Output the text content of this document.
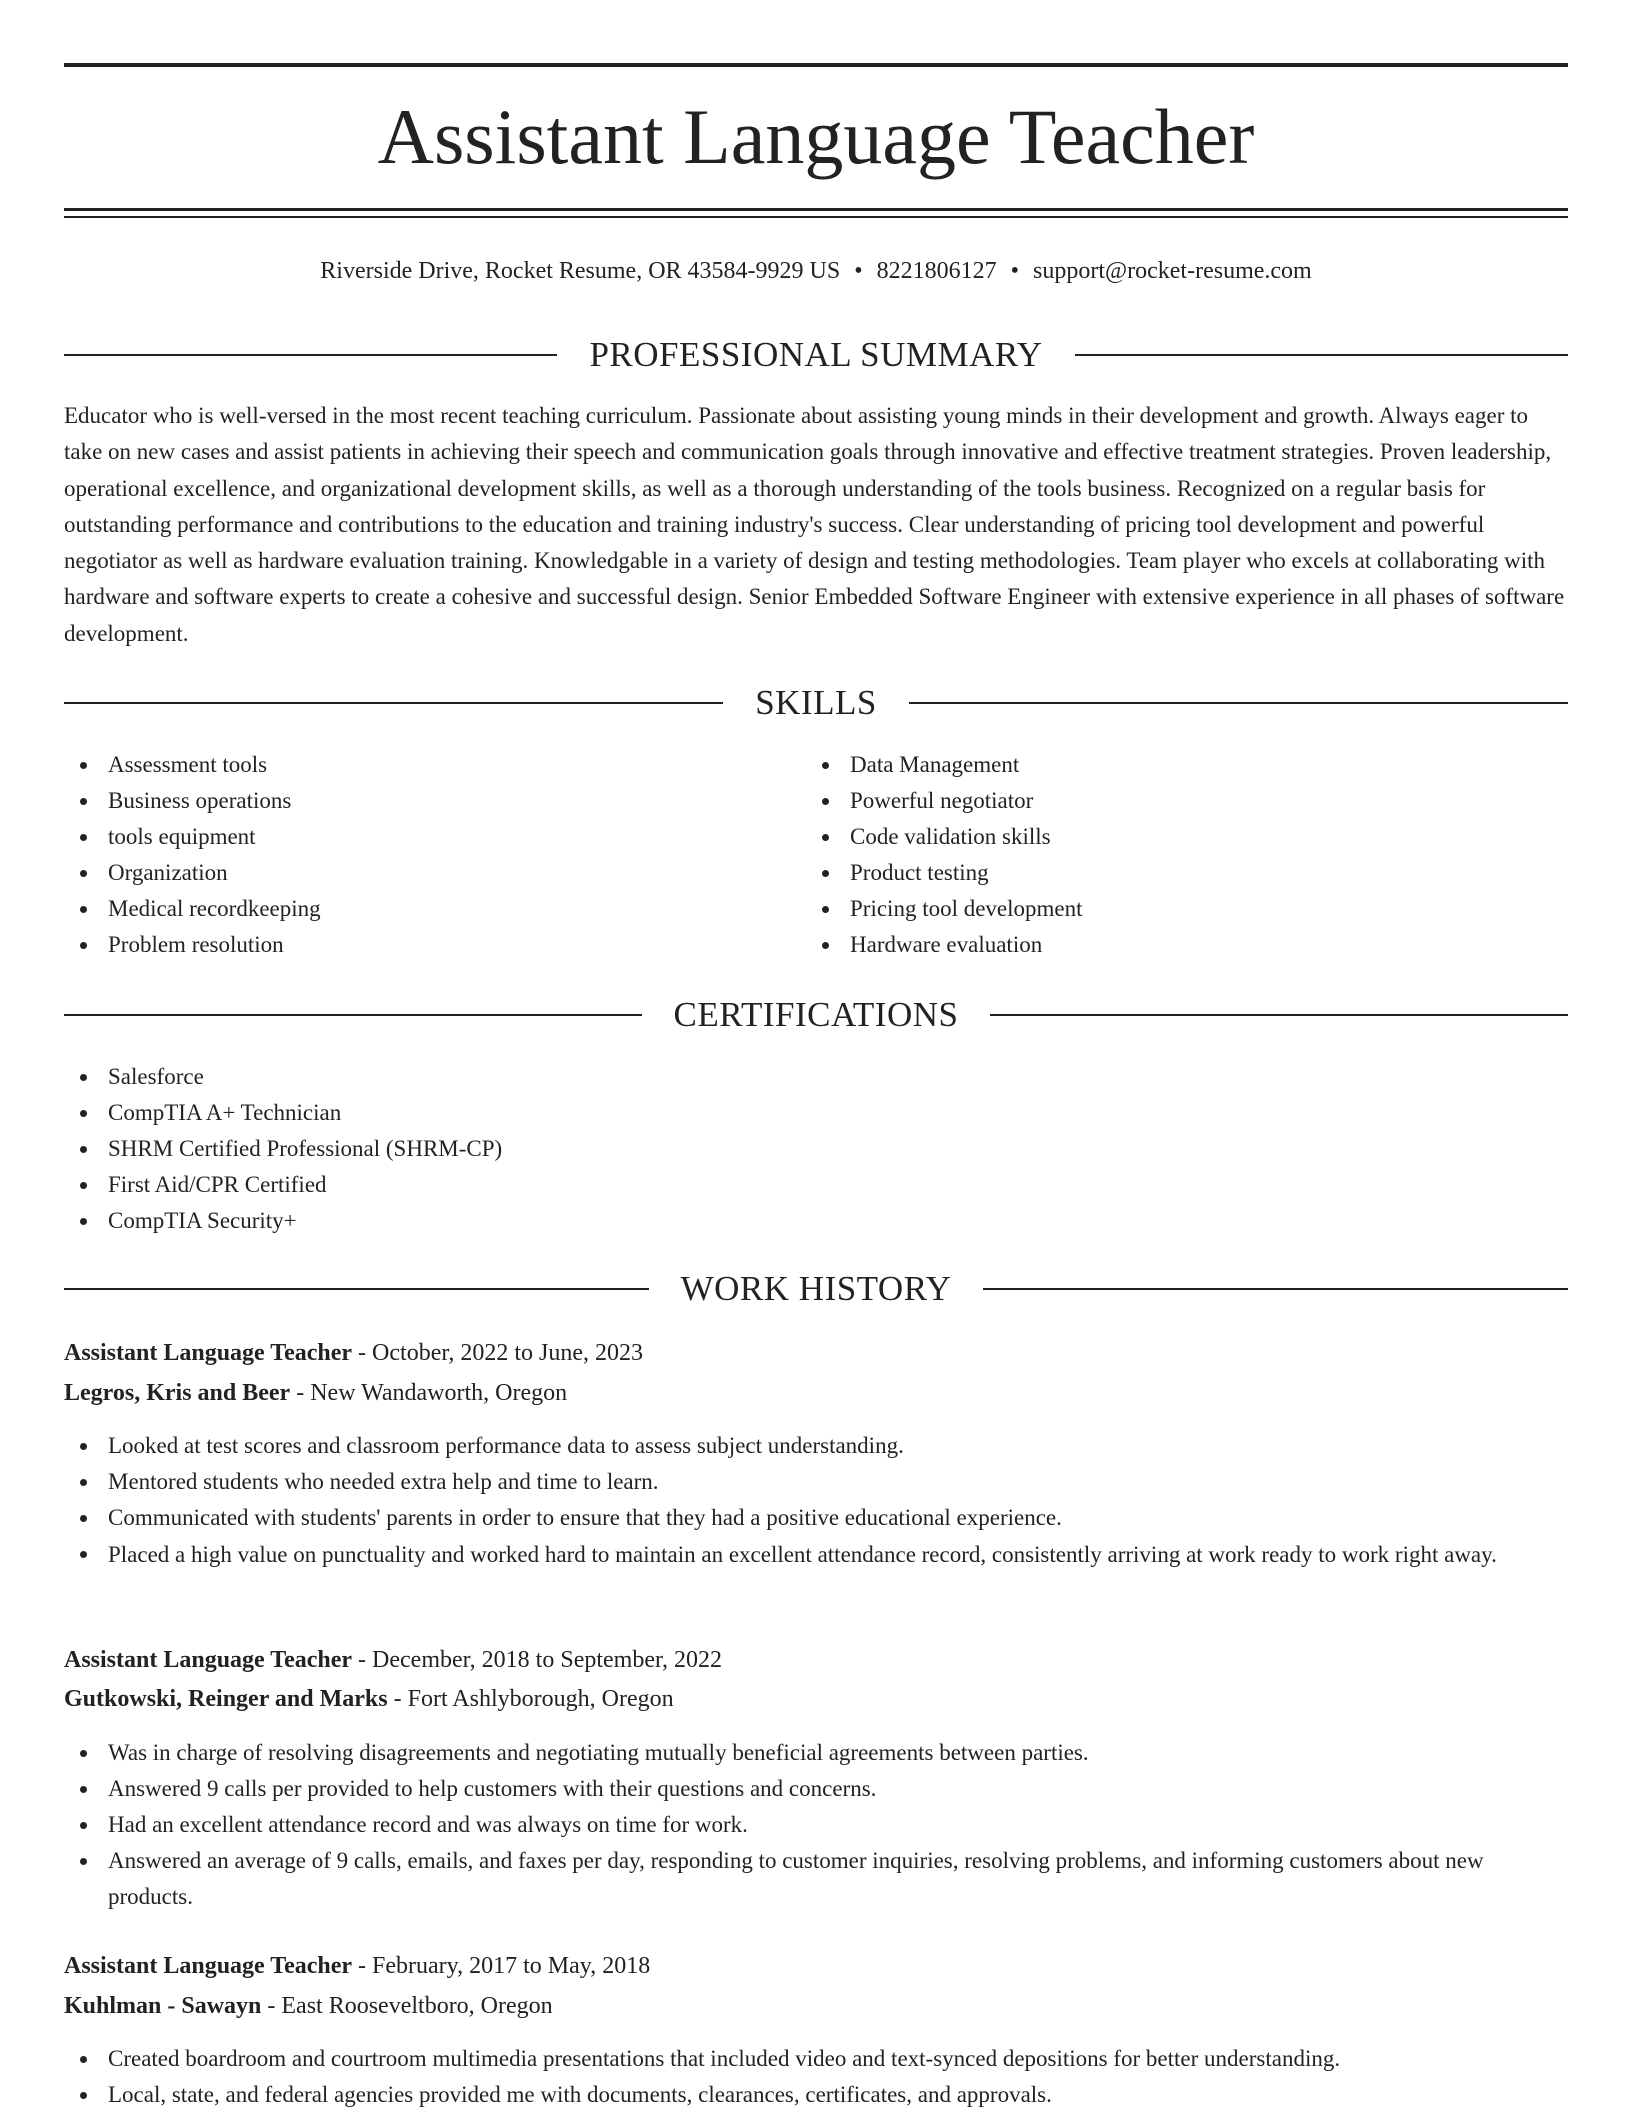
Assistant Language Teacher
Riverside Drive, Rocket Resume, OR 43584-9929 US • 8221806127 • support@rocket-resume.com
PROFESSIONAL SUMMARY

Educator who is well-versed in the most recent teaching curriculum. Passionate about assisting young minds in their development and growth. Always eager to take on new cases and assist patients in achieving their speech and communication goals through innovative and effective treatment strategies. Proven leadership, operational excellence, and organizational development skills, as well as a thorough understanding of the tools business. Recognized on a regular basis for outstanding performance and contributions to the education and training industry's success. Clear understanding of pricing tool development and powerful negotiator as well as hardware evaluation training. Knowledgable in a variety of design and testing methodologies. Team player who excels at collaborating with hardware and software experts to create a cohesive and successful design. Senior Embedded Software Engineer with extensive experience in all phases of software development.

SKILLS
Assessment tools
Business operations
tools equipment
Organization
Medical recordkeeping
Problem resolution
Data Management
Powerful negotiator
Code validation skills
Product testing
Pricing tool development
Hardware evaluation
CERTIFICATIONS
Salesforce
CompTIA A+ Technician
SHRM Certified Professional (SHRM-CP)
First Aid/CPR Certified
CompTIA Security+
WORK HISTORY
Assistant Language Teacher - October, 2022 to June, 2023
Legros, Kris and Beer - New Wandaworth, Oregon
Looked at test scores and classroom performance data to assess subject understanding.
Mentored students who needed extra help and time to learn.
Communicated with students' parents in order to ensure that they had a positive educational experience.
Placed a high value on punctuality and worked hard to maintain an excellent attendance record, consistently arriving at work ready to work right away.
Assistant Language Teacher - December, 2018 to September, 2022
Gutkowski, Reinger and Marks - Fort Ashlyborough, Oregon
Was in charge of resolving disagreements and negotiating mutually beneficial agreements between parties.
Answered 9 calls per provided to help customers with their questions and concerns.
Had an excellent attendance record and was always on time for work.
Answered an average of 9 calls, emails, and faxes per day, responding to customer inquiries, resolving problems, and informing customers about new products.
Assistant Language Teacher - February, 2017 to May, 2018
Kuhlman - Sawayn - East Rooseveltboro, Oregon
Created boardroom and courtroom multimedia presentations that included video and text-synced depositions for better understanding.
Local, state, and federal agencies provided me with documents, clearances, certificates, and approvals.
